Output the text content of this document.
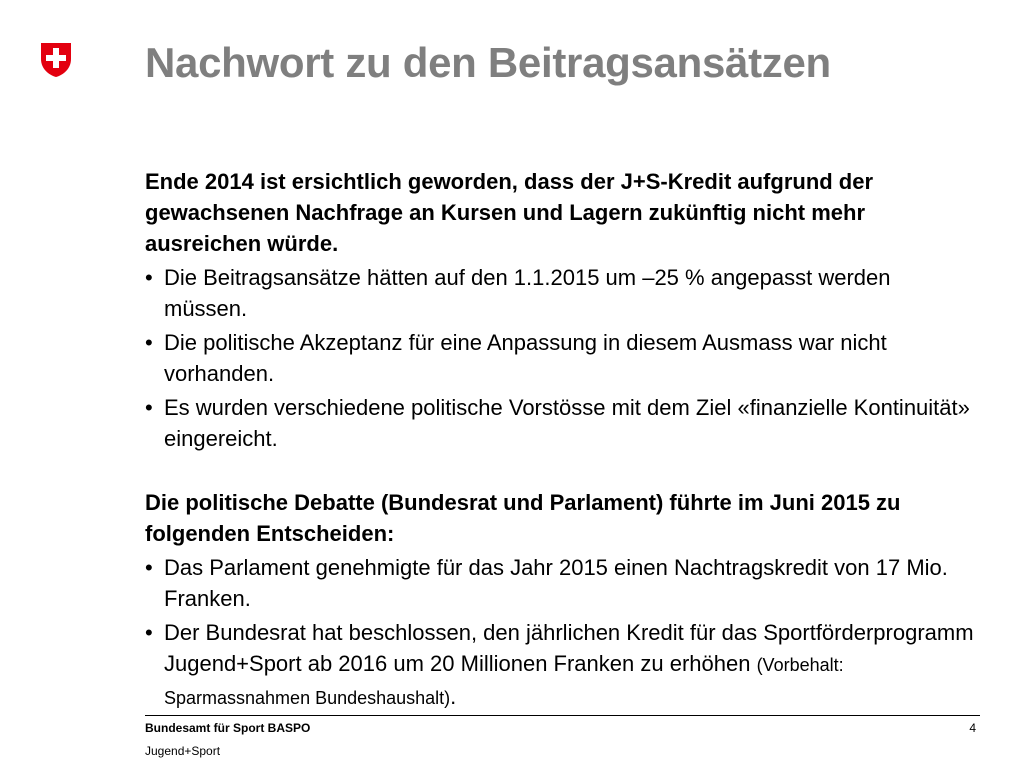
Nachwort zu den Beitragsansätzen

Ende 2014 ist ersichtlich geworden, dass der J+S-Kredit aufgrund der gewachsenen Nachfrage an Kursen und Lagern zukünftig nicht mehr ausreichen würde.

• Die Beitragsansätze hätten auf den 1.1.2015 um –25 % angepasst werden müssen.
• Die politische Akzeptanz für eine Anpassung in diesem Ausmass war nicht vorhanden.
• Es wurden verschiedene politische Vorstösse mit dem Ziel «finanzielle Kontinuität» eingereicht.

Die politische Debatte (Bundesrat und Parlament) führte im Juni 2015 zu folgenden Entscheiden:

• Das Parlament genehmigte für das Jahr 2015 einen Nachtragskredit von 17 Mio. Franken.
• Der Bundesrat hat beschlossen, den jährlichen Kredit für das Sportförderprogramm Jugend+Sport ab 2016 um 20 Millionen Franken zu erhöhen (Vorbehalt: Sparmassnahmen Bundeshaushalt).
Bundesamt für Sport BASPO	4
Jugend+Sport
